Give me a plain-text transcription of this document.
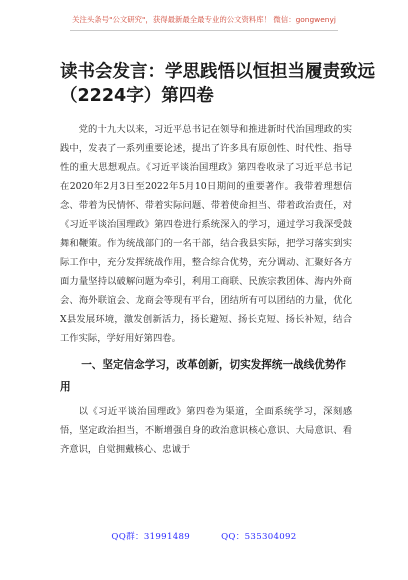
关注头条号"公文研究"，获得最新最全最专业的公文资料库！ 微信：gongwenyj
读书会发言：学思践悟以恒担当履责致远
（2224字）第四卷

党的十九大以来，习近平总书记在领导和推进新时代治国理政的实践中，发表了一系列重要论述，提出了许多具有原创性、时代性、指导性的重大思想观点。《习近平谈治国理政》第四卷收录了习近平总书记在2020年2月3日至2022年5月10日期间的重要著作。我带着理想信念、带着为民情怀、带着实际问题、带着使命担当、带着政治责任，对《习近平谈治国理政》第四卷进行系统深入的学习，通过学习我深受鼓舞和鞭策。作为统战部门的一名干部，结合我县实际，把学习落实到实际工作中，充分发挥统战作用，整合综合优势，充分调动、汇聚好各方面力量坚持以破解问题为牵引，利用工商联、民族宗教团体、海内外商会、海外联谊会、龙商会等现有平台，团结所有可以团结的力量，优化X县发展环境，激发创新活力，扬长避短、扬长克短、扬长补短，结合工作实际，学好用好第四卷。

一、坚定信念学习，改革创新，切实发挥统一战线优势作用

以《习近平谈治国理政》第四卷为渠道，全面系统学习，深刻感悟，坚定政治担当，不断增强自身的政治意识核心意识、大局意识、看齐意识，自觉拥戴核心、忠诚于

QQ群：31991489	QQ：535304092
